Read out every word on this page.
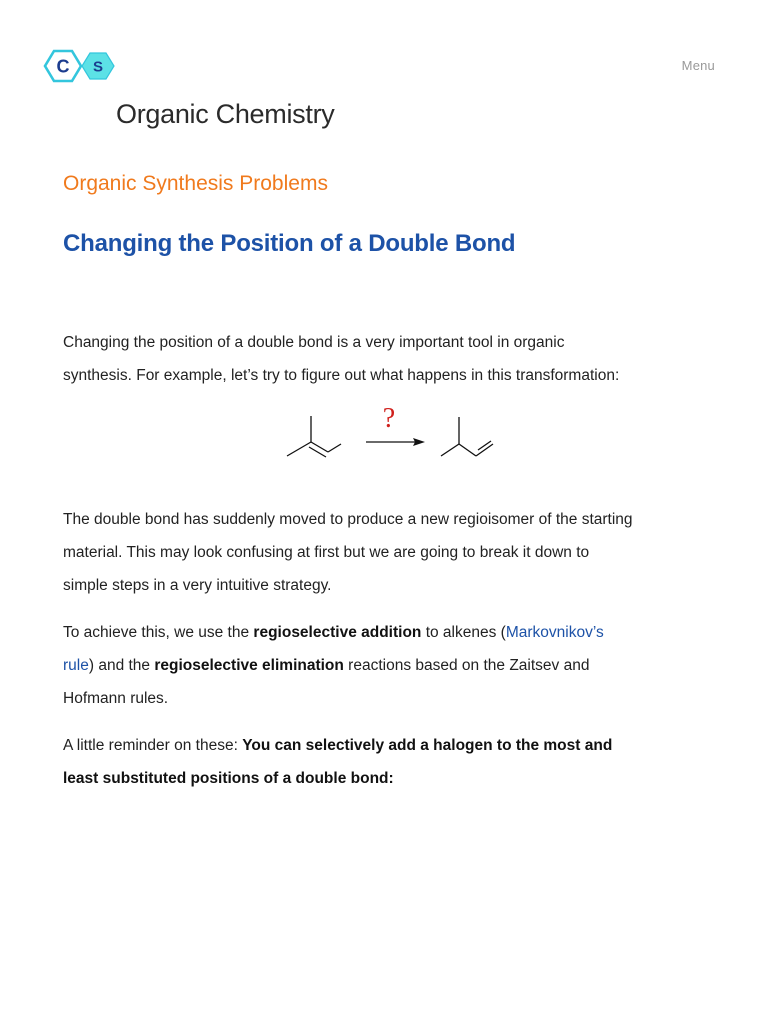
C S	Menu
Organic Chemistry
Organic Synthesis Problems
Changing the Position of a Double Bond

Changing the position of a double bond is a very important tool in organic synthesis. For example, let’s try to figure out what happens in this transformation:

?

The double bond has suddenly moved to produce a new regioisomer of the starting material. This may look confusing at first but we are going to break it down to simple steps in a very intuitive strategy.

To achieve this, we use the regioselective addition to alkenes (Markovnikov’s rule) and the regioselective elimination reactions based on the Zaitsev and Hofmann rules.

A little reminder on these: You can selectively add a halogen to the most and least substituted positions of a double bond:
